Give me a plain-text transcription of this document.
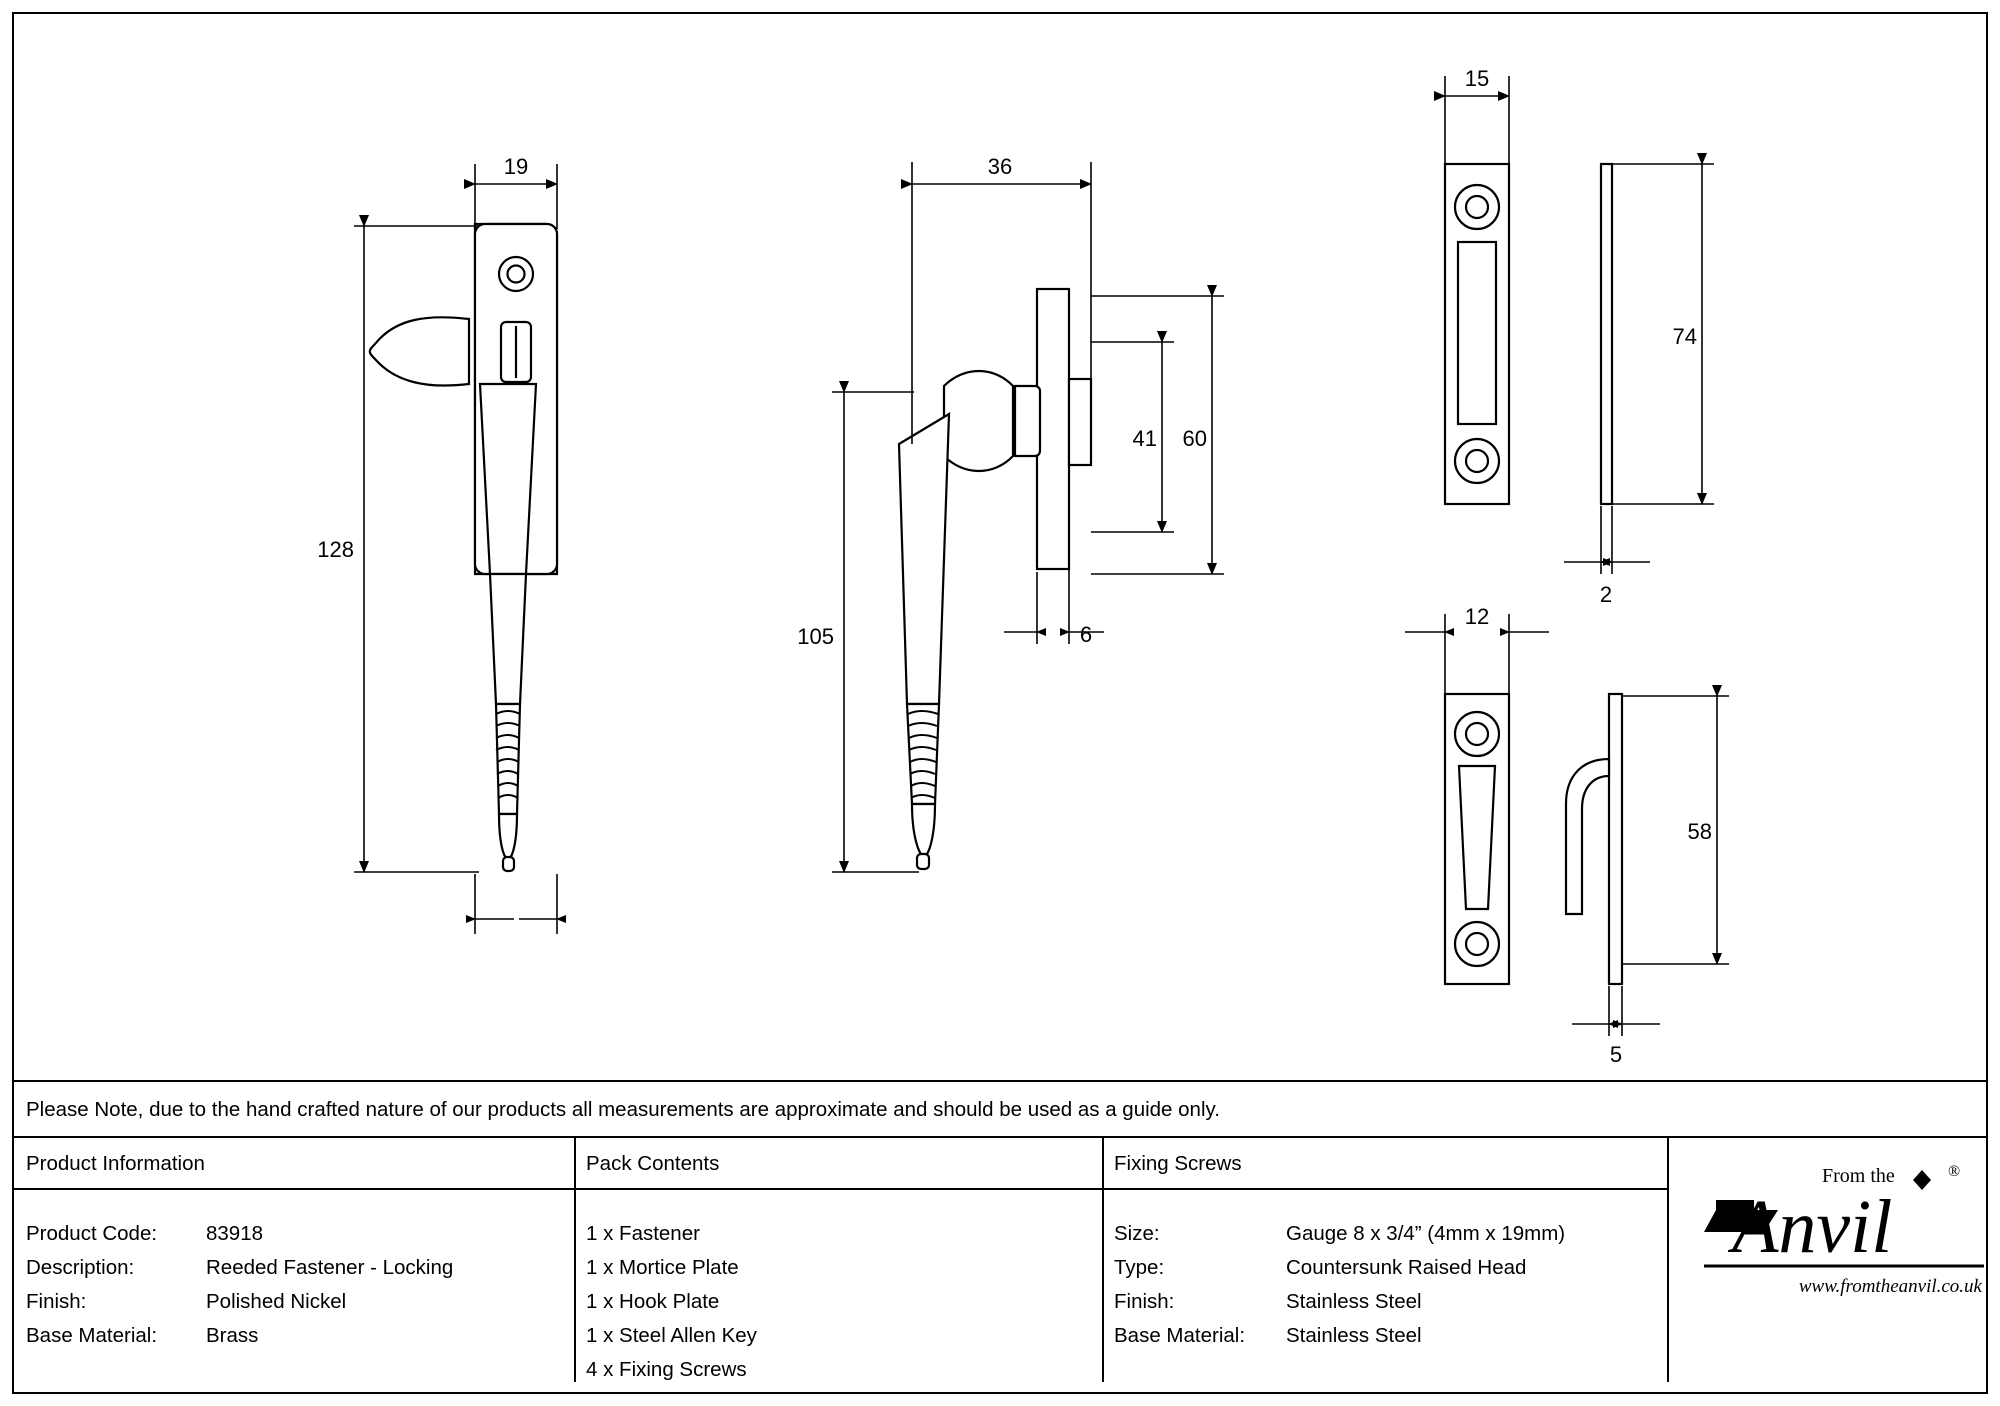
19
128
36
105
41 60
6
15
74
2
12
58
5
Please Note, due to the hand crafted nature of our products all measurements are approximate and should be used as a guide only.
Product Information	Pack Contents	Fixing Screws
Product Code: 83918
Description:	Reeded Fastener - Locking
Finish:	Polished Nickel
Base Material: Brass
1 x Fastener
1 x Mortice Plate
1 x Hook Plate
1 x Steel Allen Key
4 x Fixing Screws
Size:	Gauge 8 x 3/4” (4mm x 19mm)
Type:	Countersunk Raised Head
Finish:	Stainless Steel
Base Material: Stainless Steel
From the	®
Anvil
www.fromtheanvil.co.uk
